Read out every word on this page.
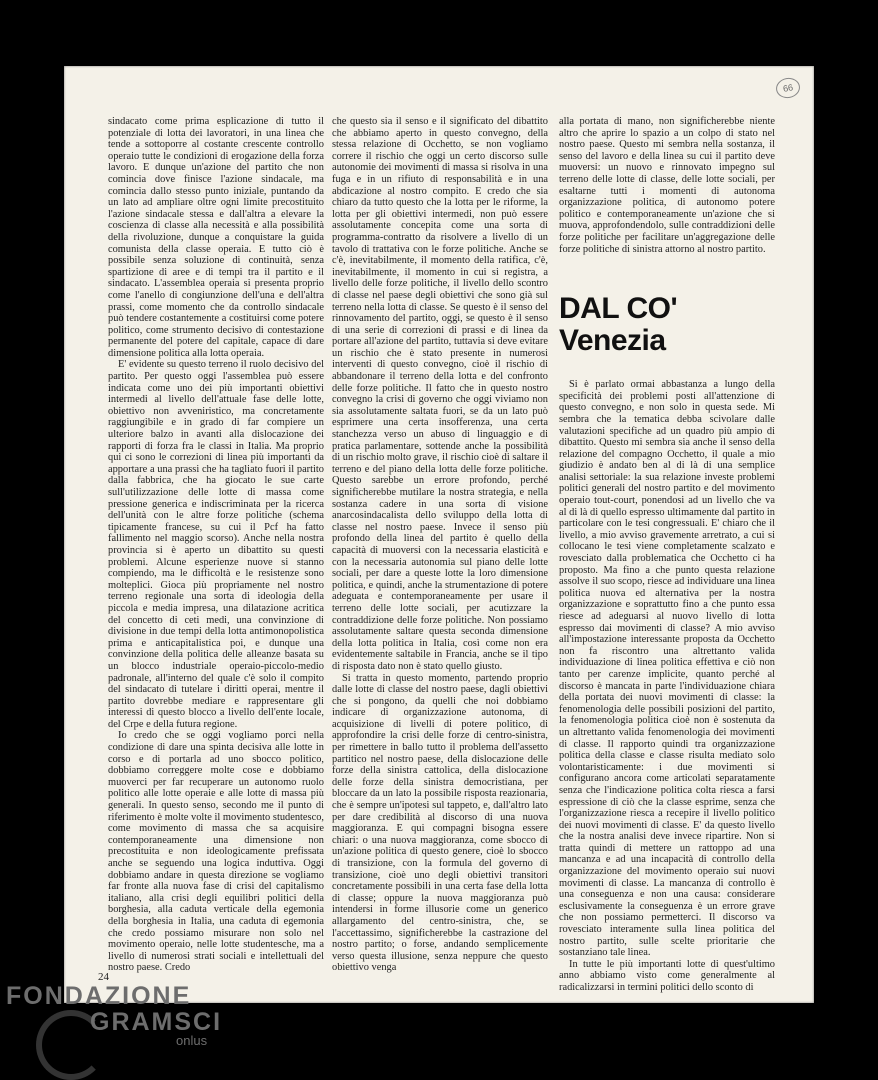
66

sindacato come prima esplicazione di tutto il potenziale di lotta dei lavoratori, in una linea che tende a sottoporre al costante crescente controllo operaio tutte le condizioni di erogazione della forza lavoro. E dunque un'azione del partito che non comincia dove finisce l'azione sindacale, ma comincia dallo stesso punto iniziale, puntando da un lato ad ampliare oltre ogni limite precostituito l'azione sindacale stessa e dall'altra a elevare la coscienza di classe alla necessità e alla possibilità della rivoluzione, dunque a conquistare la guida comunista della classe operaia. E tutto ciò è possibile senza soluzione di continuità, senza spartizione di aree e di tempi tra il partito e il sindacato. L'assemblea operaia si presenta proprio come l'anello di congiunzione dell'una e dell'altra prassi, come momento che da controllo sindacale può tendere costantemente a costituirsi come potere politico, come strumento decisivo di contestazione permanente del potere del capitale, capace di dare dimensione politica alla lotta operaia.

E' evidente su questo terreno il ruolo decisivo del partito. Per questo oggi l'assemblea può essere indicata come uno dei più importanti obiettivi intermedi al livello dell'attuale fase delle lotte, obiettivo non avveniristico, ma concretamente raggiungibile e in grado di far compiere un ulteriore balzo in avanti alla dislocazione dei rapporti di forza fra le classi in Italia. Ma proprio qui ci sono le correzioni di linea più importanti da apportare a una prassi che ha tagliato fuori il partito dalla fabbrica, che ha giocato le sue carte sull'utilizzazione delle lotte di massa come pressione generica e indiscriminata per la ricerca dell'unità con le altre forze politiche (schema tipicamente francese, su cui il Pcf ha fatto fallimento nel maggio scorso). Anche nella nostra provincia si è aperto un dibattito su questi problemi. Alcune esperienze nuove si stanno compiendo, ma le difficoltà e le resistenze sono molteplici. Gioca più propriamente nel nostro terreno regionale una sorta di ideologia della piccola e media impresa, una dilatazione acritica del concetto di ceti medi, una convinzione di divisione in due tempi della lotta antimonopolistica prima e anticapitalistica poi, e dunque una convinzione della politica delle alleanze basata su un blocco industriale operaio-piccolo-medio padronale, all'interno del quale c'è solo il compito del sindacato di tutelare i diritti operai, mentre il partito dovrebbe mediare e rappresentare gli interessi di questo blocco a livello dell'ente locale, del Crpe e della futura regione.

Io credo che se oggi vogliamo porci nella condizione di dare una spinta decisiva alle lotte in corso e di portarla ad uno sbocco politico, dobbiamo correggere molte cose e dobbiamo muoverci per far recuperare un autonomo ruolo politico alle lotte operaie e alle lotte di massa più generali. In questo senso, secondo me il punto di riferimento è molte volte il movimento studentesco, come movimento di massa che sa acquisire contemporaneamente una dimensione non precostituita e non ideologicamente prefissata anche se seguendo una logica induttiva. Oggi dobbiamo andare in questa direzione se vogliamo far fronte alla nuova fase di crisi del capitalismo italiano, alla crisi degli equilibri politici della borghesia, alla caduta verticale della egemonia della borghesia in Italia, una caduta di egemonia che credo possiamo misurare non solo nel movimento operaio, nelle lotte studentesche, ma a livello di numerosi strati sociali e intellettuali del nostro paese. Credo

che questo sia il senso e il significato del dibattito che abbiamo aperto in questo convegno, della stessa relazione di Occhetto, se non vogliamo correre il rischio che oggi un certo discorso sulle autonomie dei movimenti di massa si risolva in una fuga e in un rifiuto di responsabilità e in una abdicazione al nostro compito. E credo che sia chiaro da tutto questo che la lotta per le riforme, la lotta per gli obiettivi intermedi, non può essere assolutamente concepita come una sorta di programma-contratto da risolvere a livello di un tavolo di trattativa con le forze politiche. Anche se c'è, inevitabilmente, il momento della ratifica, c'è, inevitabilmente, il momento in cui si registra, a livello delle forze politiche, il livello dello scontro di classe nel paese degli obiettivi che sono già sul terreno nella lotta di classe. Se questo è il senso del rinnovamento del partito, oggi, se questo è il senso di una serie di correzioni di prassi e di linea da portare all'azione del partito, tuttavia si deve evitare un rischio che è stato presente in numerosi interventi di questo convegno, cioè il rischio di abbandonare il terreno della lotta e del confronto delle forze politiche. Il fatto che in questo nostro convegno la crisi di governo che oggi viviamo non sia assolutamente saltata fuori, se da un lato può esprimere una certa insofferenza, una certa stanchezza verso un abuso di linguaggio e di pratica parlamentare, sottende anche la possibilità di un rischio molto grave, il rischio cioè di saltare il terreno e del piano della lotta delle forze politiche. Questo sarebbe un errore profondo, perché significherebbe mutilare la nostra strategia, e nella sostanza cadere in una sorta di visione anarcosindacalista dello sviluppo della lotta di classe nel nostro paese. Invece il senso più profondo della linea del partito è quello della capacità di muoversi con la necessaria elasticità e con la necessaria autonomia sul piano delle lotte sociali, per dare a queste lotte la loro dimensione politica, e quindi, anche la strumentazione di potere adeguata e contemporaneamente per usare il terreno delle lotte sociali, per acutizzare la contraddizione delle forze politiche. Non possiamo assolutamente saltare questa seconda dimensione della lotta politica in Italia, così come non era evidentemente saltabile in Francia, anche se il tipo di risposta dato non è stato quello giusto.

Si tratta in questo momento, partendo proprio dalle lotte di classe del nostro paese, dagli obiettivi che si pongono, da quelli che noi dobbiamo indicare di organizzazione autonoma, di acquisizione di livelli di potere politico, di approfondire la crisi delle forze di centro-sinistra, per rimettere in ballo tutto il problema dell'assetto partitico nel nostro paese, della dislocazione delle forze della sinistra cattolica, della dislocazione delle forze della sinistra democristiana, per bloccare da un lato la possibile risposta reazionaria, che è sempre un'ipotesi sul tappeto, e, dall'altro lato per dare credibilità al discorso di una nuova maggioranza. E qui compagni bisogna essere chiari: o una nuova maggioranza, come sbocco di un'azione politica di questo genere, cioè lo sbocco di transizione, con la formula del governo di transizione, cioè uno degli obiettivi transitori concretamente possibili in una certa fase della lotta di classe; oppure la nuova maggioranza può intendersi in forme illusorie come un generico allargamento del centro-sinistra, che, se l'accettassimo, significherebbe la castrazione del nostro partito; o forse, andando semplicemente verso questa illusione, senza neppure che questo obiettivo venga

alla portata di mano, non significherebbe niente altro che aprire lo spazio a un colpo di stato nel nostro paese. Questo mi sembra nella sostanza, il senso del lavoro e della linea su cui il partito deve muoversi: un nuovo e rinnovato impegno sul terreno delle lotte di classe, delle lotte sociali, per esaltarne tutti i momenti di autonoma organizzazione politica, di autonomo potere politico e contemporaneamente un'azione che si muova, approfondendolo, sulle contraddizioni delle forze politiche per facilitare un'aggregazione delle forze politiche di sinistra attorno al nostro partito.

DAL CO'
Venezia

Si è parlato ormai abbastanza a lungo della specificità dei problemi posti all'attenzione di questo convegno, e non solo in questa sede. Mi sembra che la tematica debba scivolare dalle valutazioni specifiche ad un quadro più ampio di dibattito. Questo mi sembra sia anche il senso della relazione del compagno Occhetto, il quale a mio giudizio è andato ben al di là di una semplice analisi settoriale: la sua relazione investe problemi politici generali del nostro partito e del movimento operaio tout-court, ponendosi ad un livello che va al di là di quello espresso ultimamente dal partito in particolare con le tesi congressuali. E' chiaro che il livello, a mio avviso gravemente arretrato, a cui si collocano le tesi viene completamente scalzato e rovesciato dalla problematica che Occhetto ci ha proposto. Ma fino a che punto questa relazione assolve il suo scopo, riesce ad individuare una linea politica nuova ed alternativa per la nostra organizzazione e soprattutto fino a che punto essa riesce ad adeguarsi al nuovo livello di lotta espresso dai movimenti di classe? A mio avviso all'impostazione interessante proposta da Occhetto non fa riscontro una altrettanto valida individuazione di linea politica effettiva e ciò non tanto per carenze implicite, quanto perché al discorso è mancata in parte l'individuazione chiara della portata dei nuovi movimenti di classe: la fenomenologia delle possibili posizioni del partito, la fenomenologia politica cioè non è sostenuta da un altrettanto valida fenomenologia dei movimenti di classe. Il rapporto quindi tra organizzazione politica della classe e classe risulta mediato solo volontaristicamente: i due movimenti si configurano ancora come articolati separatamente senza che l'indicazione politica colta riesca a farsi espressione di ciò che la classe esprime, senza che l'organizzazione riesca a recepire il livello politico dei nuovi movimenti di classe. E' da questo livello che la nostra analisi deve invece ripartire. Non si tratta quindi di mettere un rattoppo ad una mancanza e ad una incapacità di controllo della organizzazione del movimento operaio sui nuovi movimenti di classe. La mancanza di controllo è una conseguenza e non una causa: considerare esclusivamente la conseguenza è un errore grave che non possiamo permetterci. Il discorso va rovesciato interamente sulla linea politica del nostro partito, sulle scelte prioritarie che sostanziano tale linea.

In tutte le più importanti lotte di quest'ultimo anno abbiamo visto come generalmente al radicalizzarsi in termini politici dello sconto di

24
FONDAZIONE
GRAMSCI
onlus
